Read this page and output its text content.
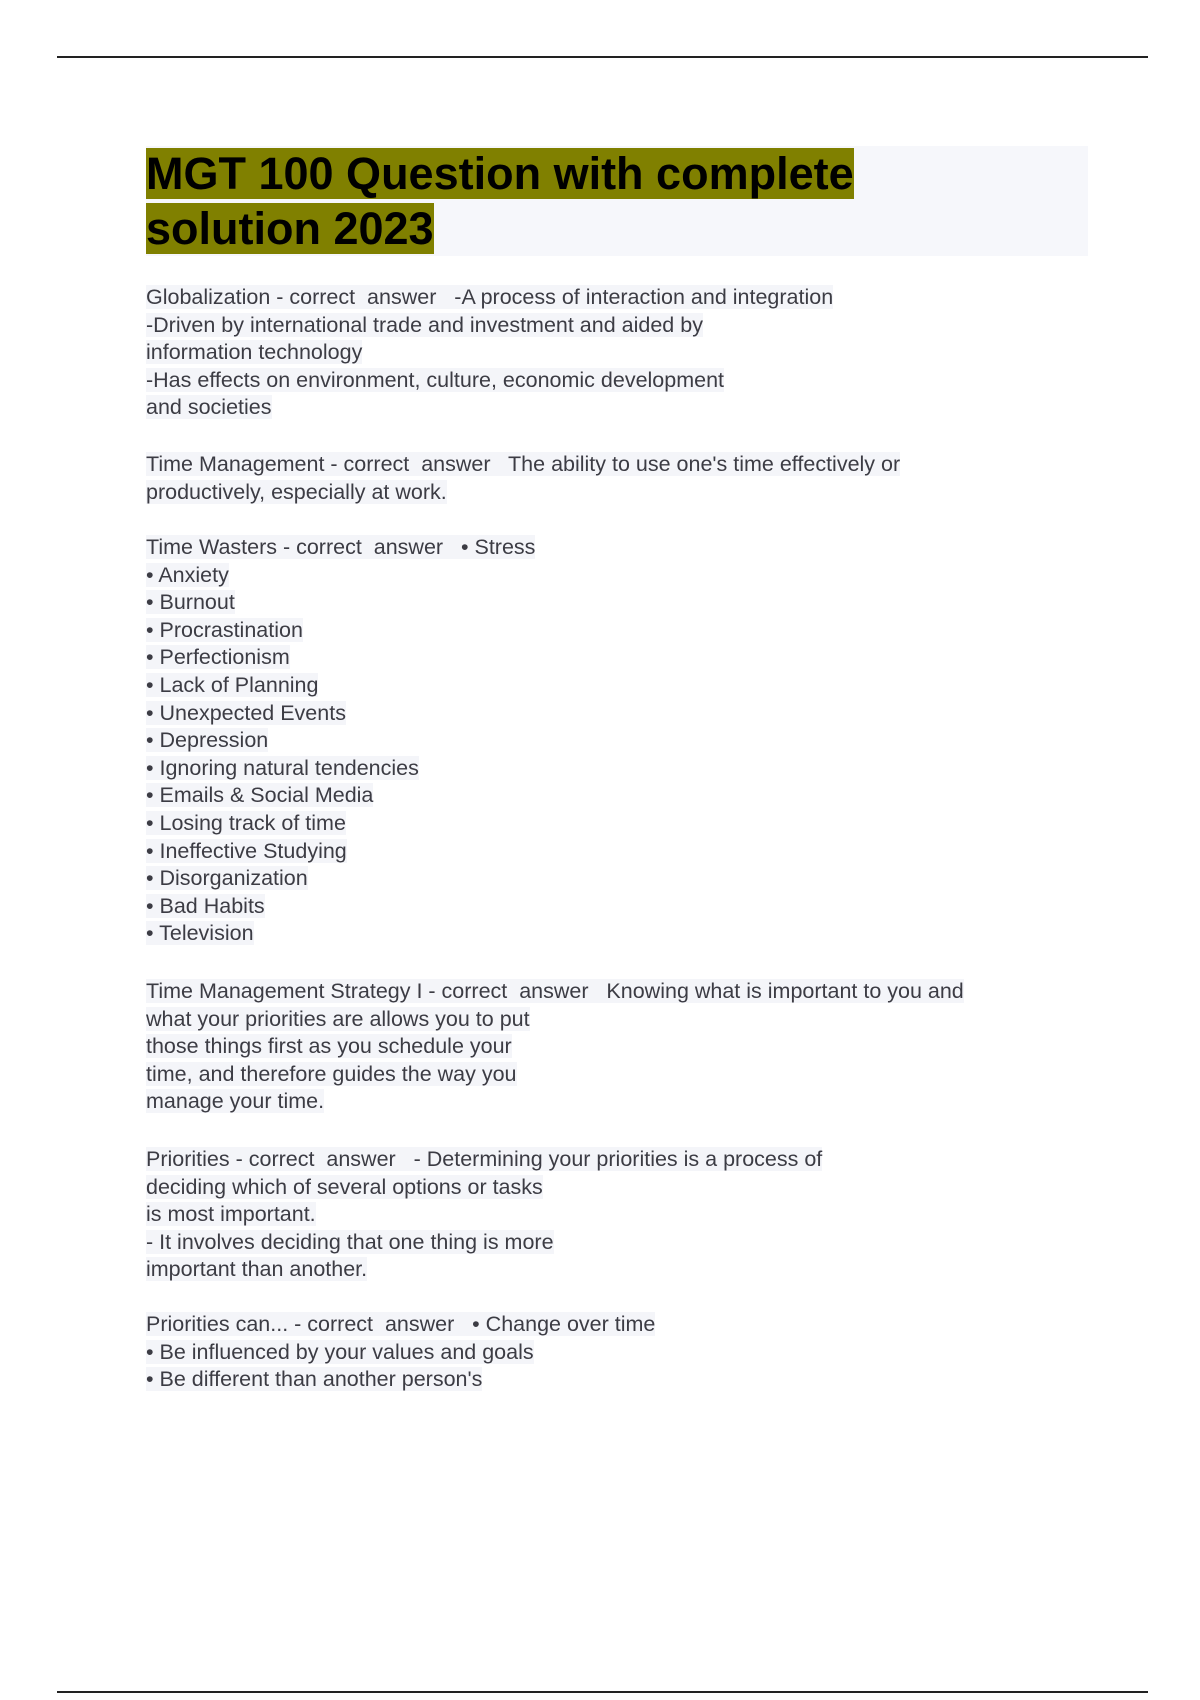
MGT 100 Question with complete
solution 2023
Globalization - correct  answer   -A process of interaction and integration
-Driven by international trade and investment and aided by
information technology
-Has effects on environment, culture, economic development
and societies
Time Management - correct  answer   The ability to use one's time effectively or
productively, especially at work.
Time Wasters - correct  answer   • Stress
• Anxiety
• Burnout
• Procrastination
• Perfectionism
• Lack of Planning
• Unexpected Events
• Depression
• Ignoring natural tendencies
• Emails & Social Media
• Losing track of time
• Ineffective Studying
• Disorganization
• Bad Habits
• Television
Time Management Strategy I - correct  answer   Knowing what is important to you and
what your priorities are allows you to put
those things first as you schedule your
time, and therefore guides the way you
manage your time.
Priorities - correct  answer   - Determining your priorities is a process of
deciding which of several options or tasks
is most important.
- It involves deciding that one thing is more
important than another.
Priorities can... - correct  answer   • Change over time
• Be influenced by your values and goals
• Be different than another person's
